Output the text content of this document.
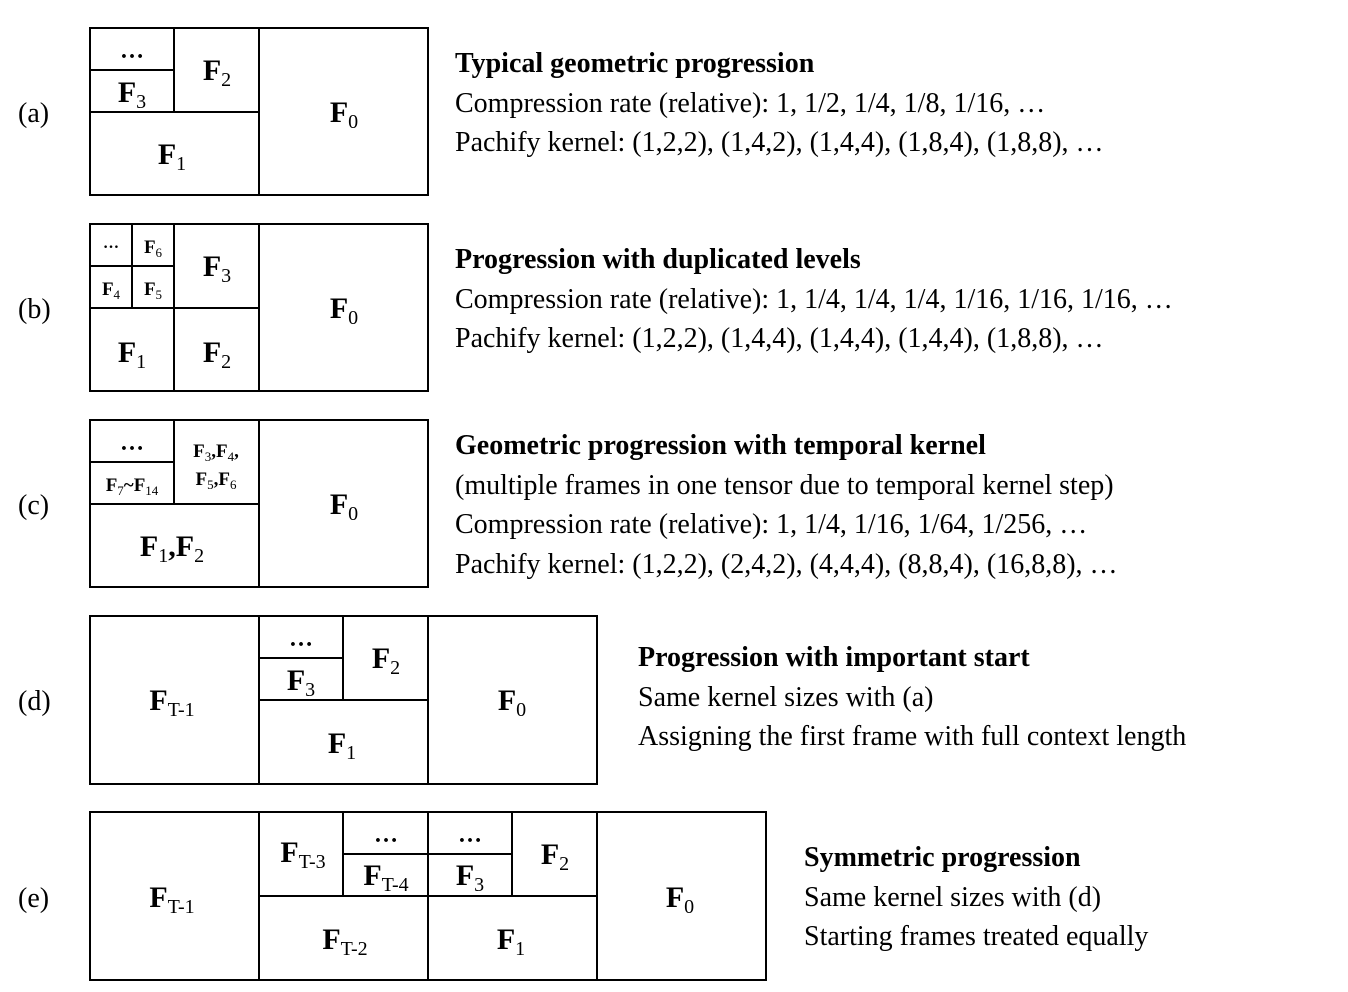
(a)
…
$F_3$
$F_2$
$F_1$
$F_0$
(b)
… $F_6$
$F_4$ $F_5$
$F_3$
$F_1$ $F_2$
$F_0$
(c)
…
$F_7\sim F_{14}$
$F_3,F_4$,
$F_5,F_6$
$F_1,F_2$
$F_0$
(d)	$F_{T-1}$
…
$F_3$
$F_2$
$F_1$
$F_0$
(e)	$F_{T-1}$
$F_{T-3}$
…
$F_{T-4}$
…
$F_3$
$F_2$
$F_{T-2}$	$F_1$
$F_0$
Typical geometric progression
Compression rate (relative): 1, 1/2, 1/4, 1/8, 1/16, …
Pachify kernel: (1,2,2), (1,4,2), (1,4,4), (1,8,4), (1,8,8), …
Progression with duplicated levels
Compression rate (relative): 1, 1/4, 1/4, 1/4, 1/16, 1/16, 1/16, …
Pachify kernel: (1,2,2), (1,4,4), (1,4,4), (1,4,4), (1,8,8), …
Geometric progression with temporal kernel
(multiple frames in one tensor due to temporal kernel step)
Compression rate (relative): 1, 1/4, 1/16, 1/64, 1/256, …
Pachify kernel: (1,2,2), (2,4,2), (4,4,4), (8,8,4), (16,8,8), …
Progression with important start
Same kernel sizes with (a)
Assigning the first frame with full context length
Symmetric progression
Same kernel sizes with (d)
Starting frames treated equally
